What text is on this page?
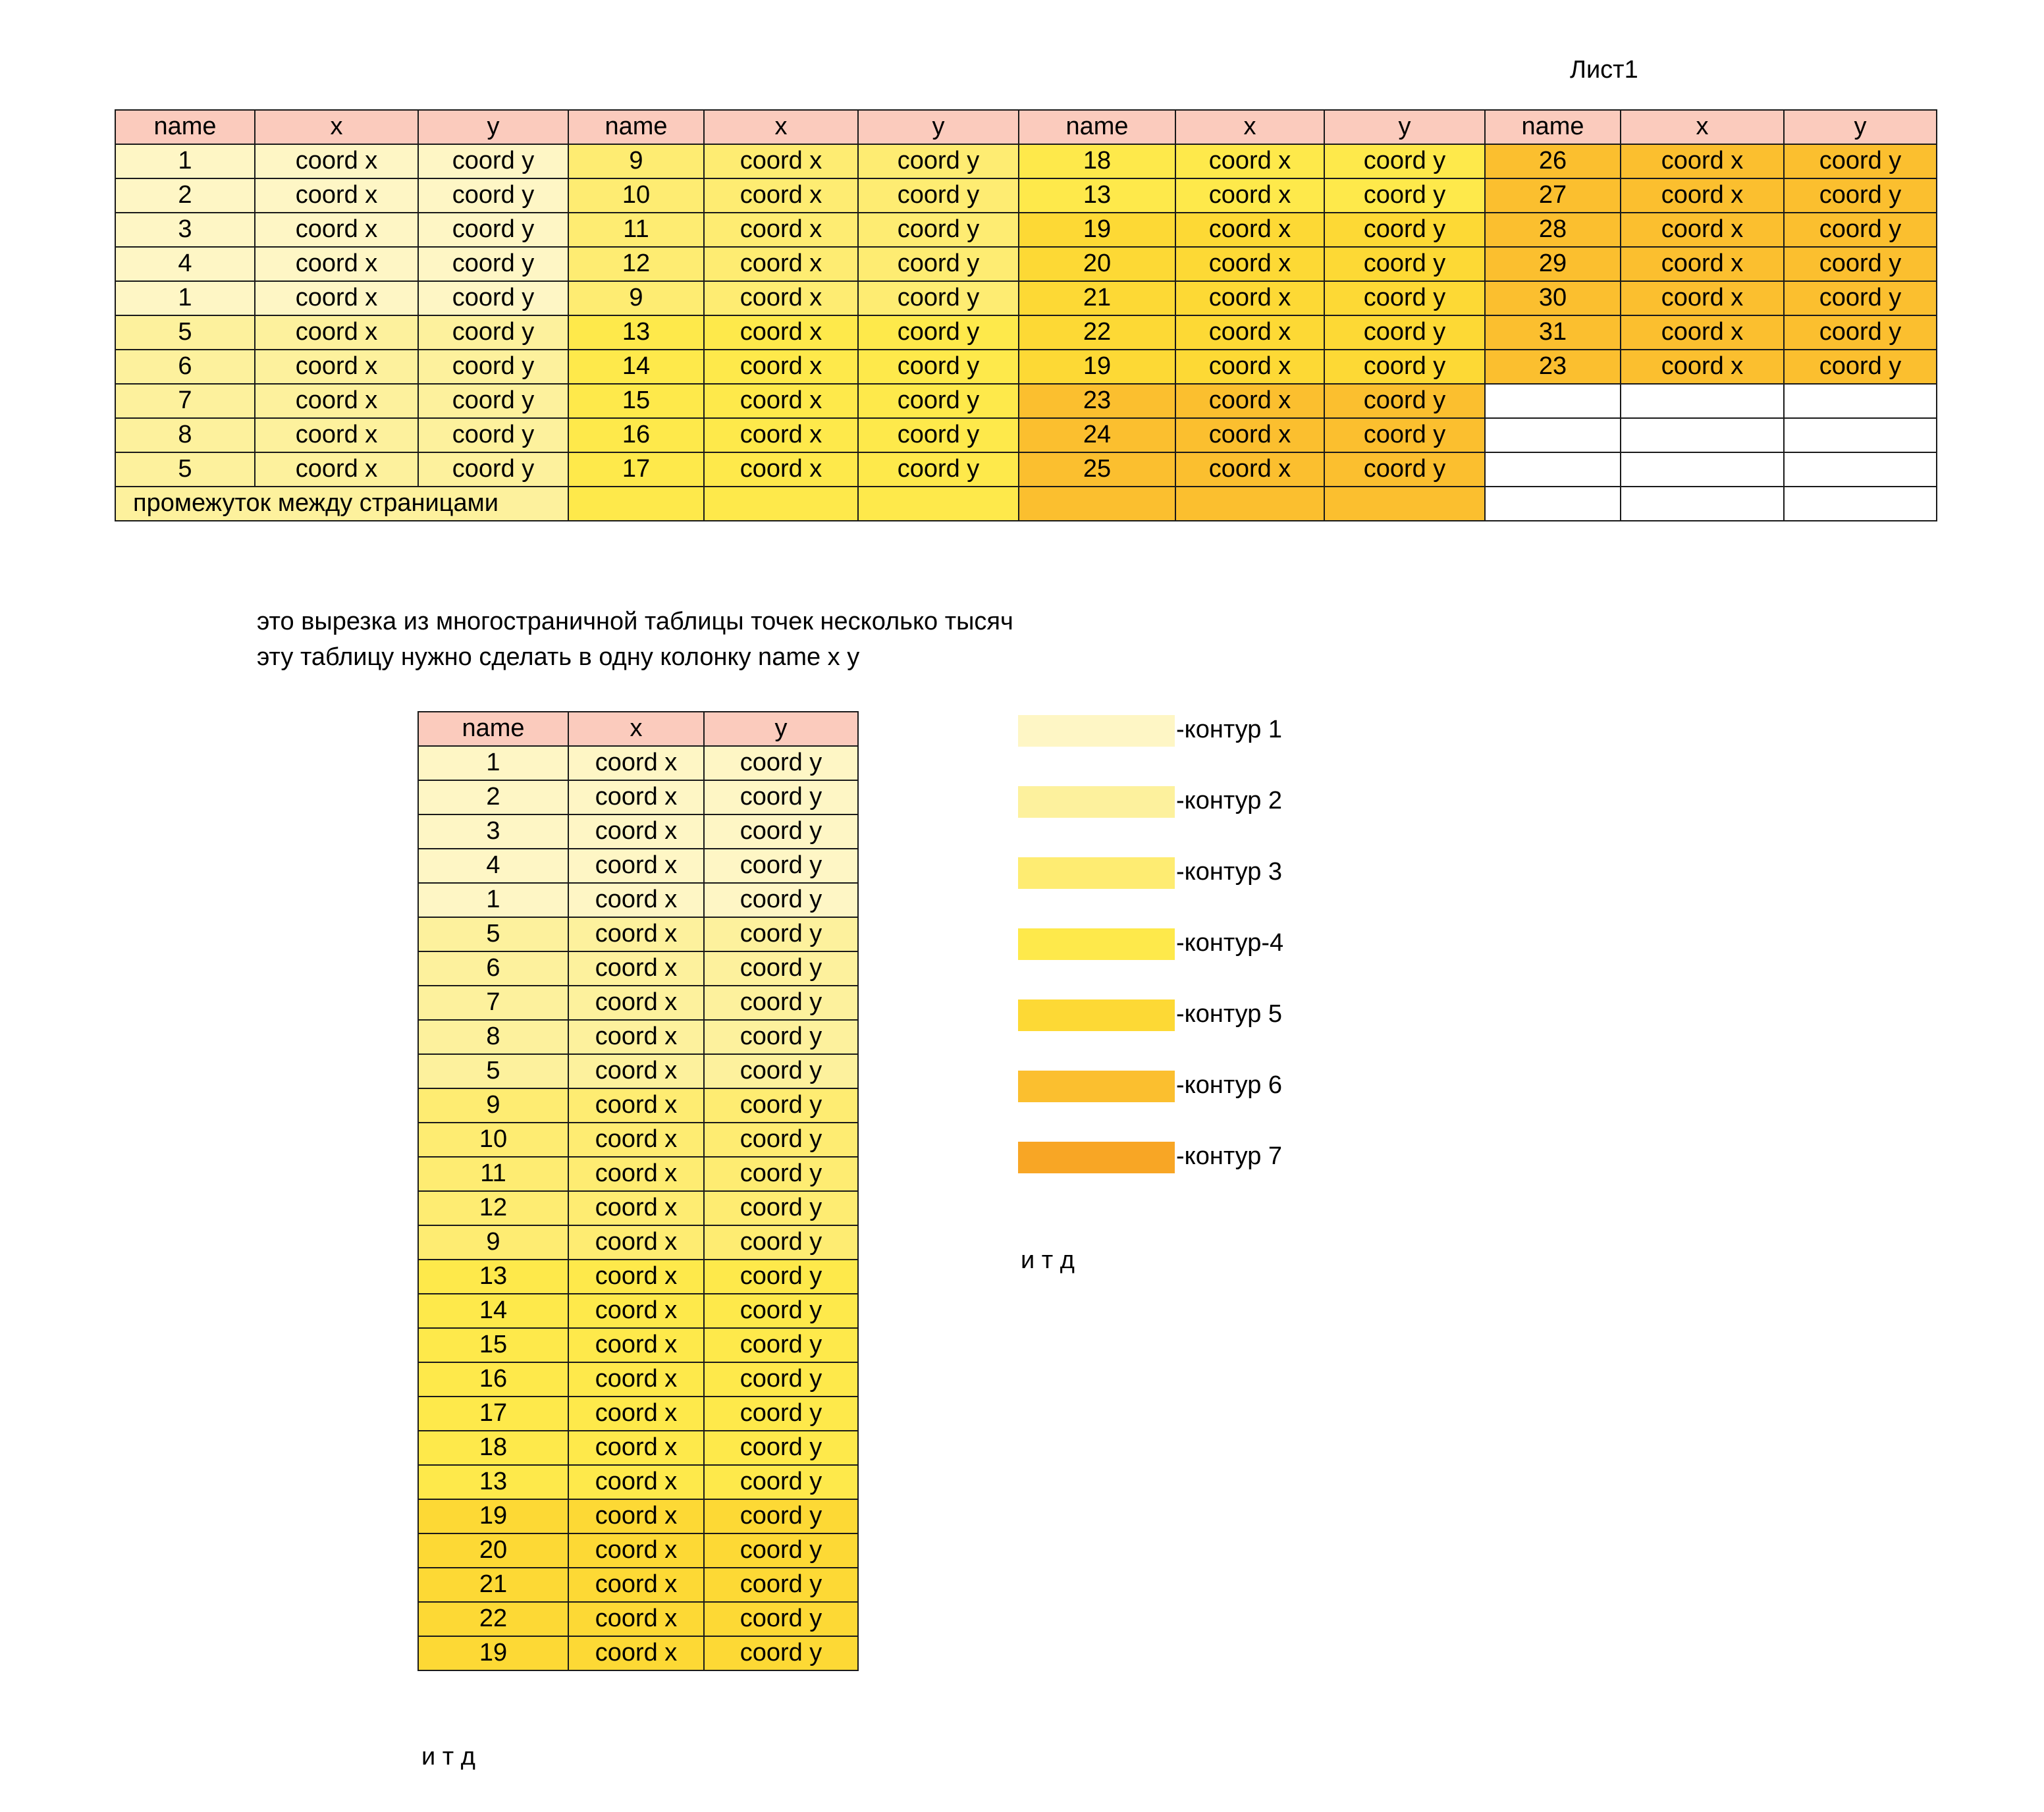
Лист1
name	x	y	name	x	y	name	x	y	name	x	y
1	coord x	coord y	9	coord x	coord y	18	coord x	coord y	26	coord x	coord y
2	coord x	coord y	10	coord x	coord y	13	coord x	coord y	27	coord x	coord y
3	coord x	coord y	11	coord x	coord y	19	coord x	coord y	28	coord x	coord y
4	coord x	coord y	12	coord x	coord y	20	coord x	coord y	29	coord x	coord y
1	coord x	coord y	9	coord x	coord y	21	coord x	coord y	30	coord x	coord y
5	coord x	coord y	13	coord x	coord y	22	coord x	coord y	31	coord x	coord y
6	coord x	coord y	14	coord x	coord y	19	coord x	coord y	23	coord x	coord y
7	coord x	coord y	15	coord x	coord y	23	coord x	coord y			
8	coord x	coord y	16	coord x	coord y	24	coord x	coord y			
5	coord x	coord y	17	coord x	coord y	25	coord x	coord y			

промежуток между страницами											

это вырезка из многостраничной таблицы точек несколько тысяч
эту таблицу нужно сделать в одну колонку name x y
name	x	y
1	coord x	coord y
2	coord x	coord y
3	coord x	coord y
4	coord x	coord y
1	coord x	coord y
5	coord x	coord y
6	coord x	coord y
7	coord x	coord y
8	coord x	coord y
5	coord x	coord y
9	coord x	coord y
10	coord x	coord y
11	coord x	coord y
12	coord x	coord y
9	coord x	coord y
13	coord x	coord y
14	coord x	coord y
15	coord x	coord y
16	coord x	coord y
17	coord x	coord y
18	coord x	coord y
13	coord x	coord y
19	coord x	coord y
20	coord x	coord y
21	coord x	coord y
22	coord x	coord y
19	coord x	coord y
и т д
-контур 1
-контур 2
-контур 3
-контур-4
-контур 5
-контур 6
-контур 7
и т д
